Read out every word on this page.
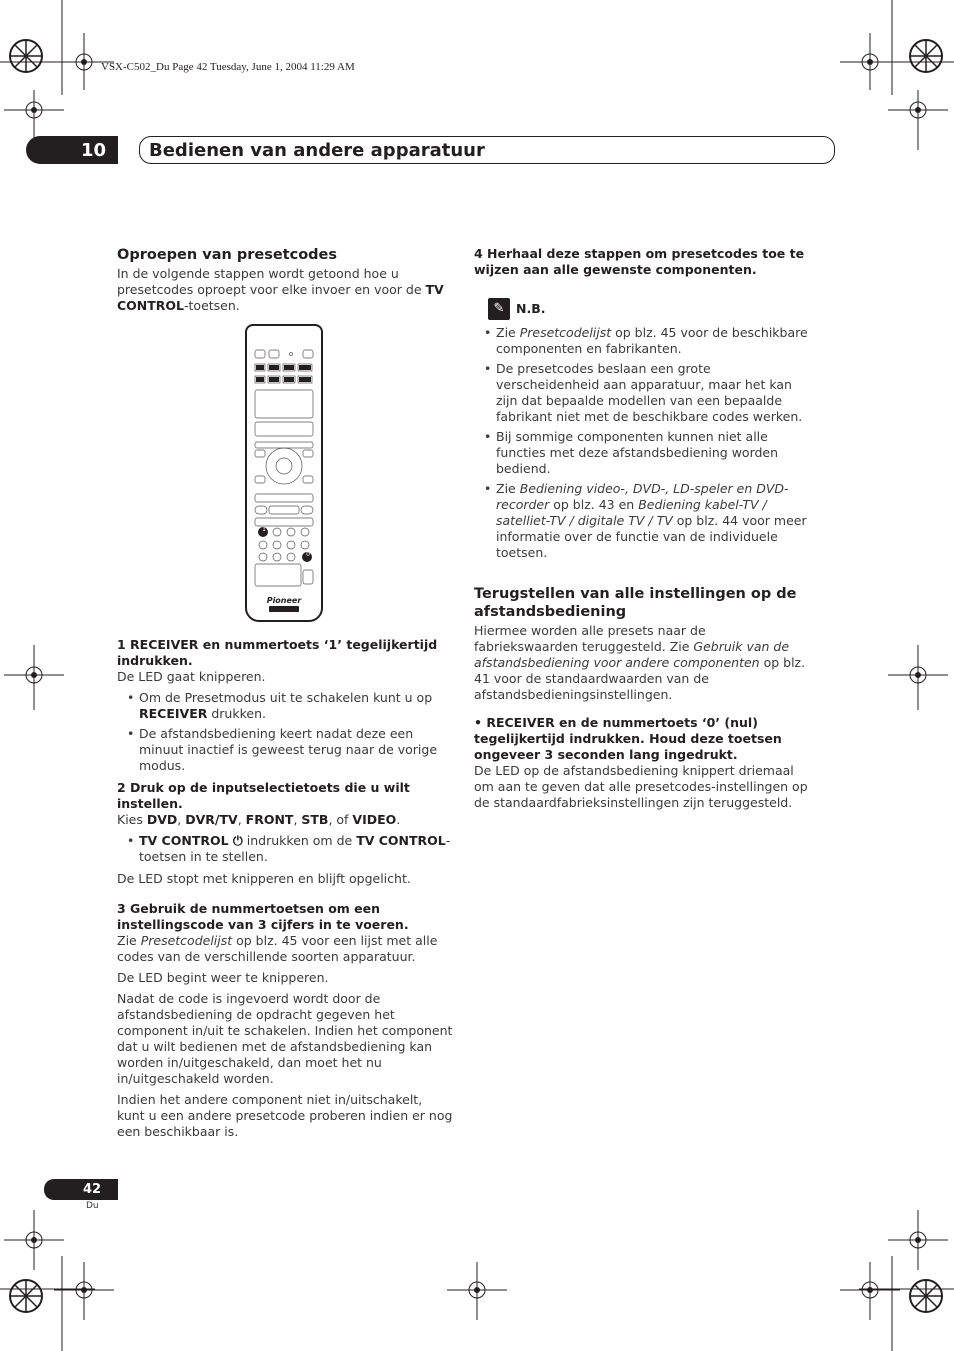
VSX-C502_Du Page 42 Tuesday, June 1, 2004 11:29 AM
10	Bedienen van andere apparatuur
Oproepen van presetcodes

In de volgende stappen wordt getoond hoe u presetcodes oproept voor elke invoer en voor de TV CONTROL-toetsen.

1 RECEIVER en nummertoets ‘1’ tegelijkertijd indrukken.

De LED gaat knipperen.

• Om de Presetmodus uit te schakelen kunt u op RECEIVER drukken.
• De afstandsbediening keert nadat deze een minuut inactief is geweest terug naar de vorige modus.
2 Druk op de inputselectietoets die u wilt instellen.

Kies DVD, DVR/TV, FRONT, STB, of VIDEO.

• TV CONTROL ⏻ indrukken om de TV CONTROL-toetsen in te stellen.

De LED stopt met knipperen en blijft opgelicht.

3 Gebruik de nummertoetsen om een instellingscode van 3 cijfers in te voeren.

Zie Presetcodelijst op blz. 45 voor een lijst met alle codes van de verschillende soorten apparatuur.

De LED begint weer te knipperen.

Nadat de code is ingevoerd wordt door de afstandsbediening de opdracht gegeven het component in/uit te schakelen. Indien het component dat u wilt bedienen met de afstandsbediening kan worden in/uitgeschakeld, dan moet het nu in/uitgeschakeld worden.

Indien het andere component niet in/uitschakelt, kunt u een andere presetcode proberen indien er nog een beschikbaar is.

1
0
Pioneer
4 Herhaal deze stappen om presetcodes toe te wijzen aan alle gewenste componenten.
✎ N.B.
• Zie Presetcodelijst op blz. 45 voor de beschikbare componenten en fabrikanten.
• De presetcodes beslaan een grote verscheidenheid aan apparatuur, maar het kan zijn dat bepaalde modellen van een bepaalde fabrikant niet met de beschikbare codes werken.
• Bij sommige componenten kunnen niet alle functies met deze afstandsbediening worden bediend.
• Zie Bediening video-, DVD-, LD-speler en DVD-recorder op blz. 43 en Bediening kabel-TV / satelliet-TV / digitale TV / TV op blz. 44 voor meer informatie over de functie van de individuele toetsen.
Terugstellen van alle instellingen op de afstandsbediening

Hiermee worden alle presets naar de fabriekswaarden teruggesteld. Zie Gebruik van de afstandsbediening voor andere componenten op blz. 41 voor de standaardwaarden van de afstandsbedieningsinstellingen.

• RECEIVER en de nummertoets ‘0’ (nul) tegelijkertijd indrukken. Houd deze toetsen ongeveer 3 seconden lang ingedrukt.

De LED op de afstandsbediening knippert driemaal om aan te geven dat alle presetcodes-instellingen op de standaardfabrieksinstellingen zijn teruggesteld.

42
Du
